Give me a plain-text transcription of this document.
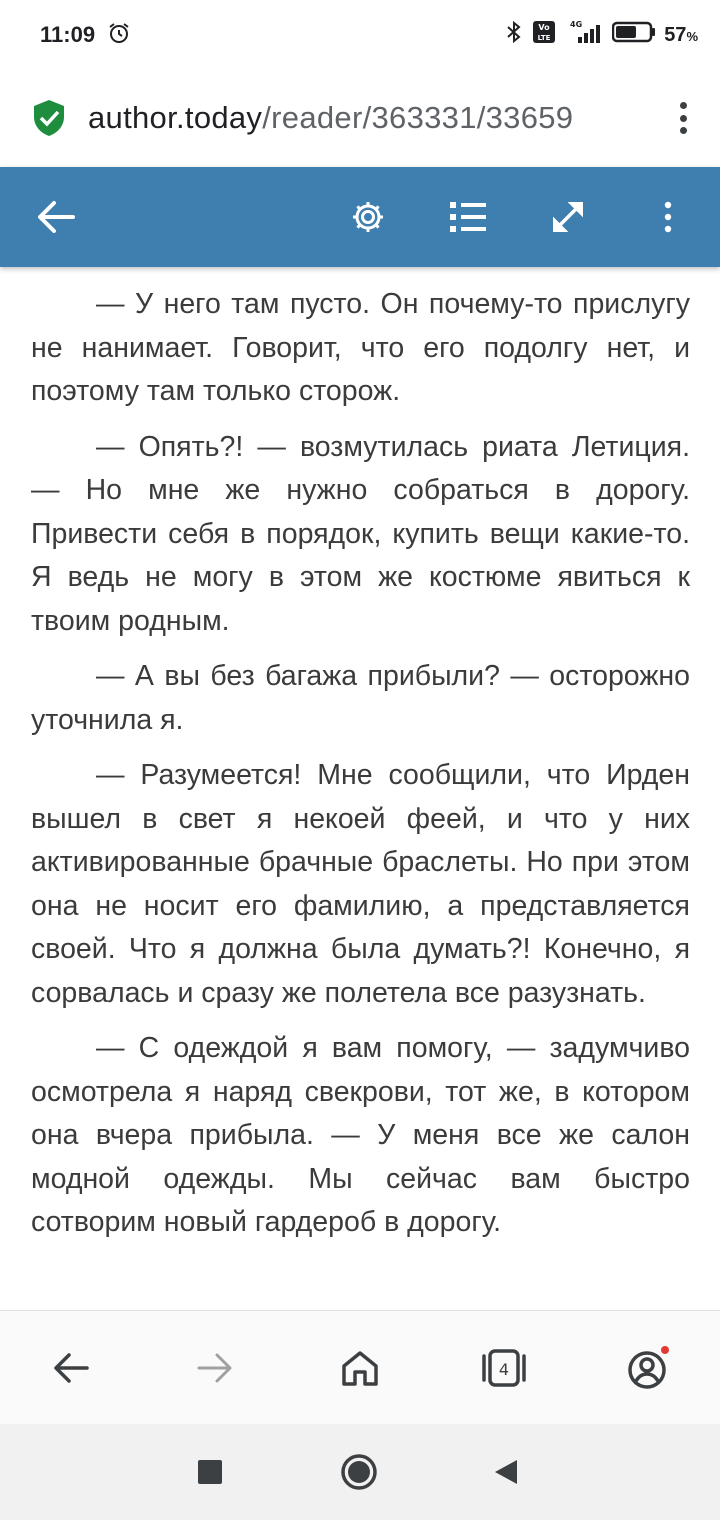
11:09	Vo
LTE
4G	57%
author.today/reader/363331/33659

— У него там пусто. Он почему-то прислугу не нанимает. Говорит, что его подолгу нет, и поэтому там только сторож.

— Опять?! — возмутилась риата Летиция. — Но мне же нужно собраться в дорогу. Привести себя в порядок, купить вещи какие-то. Я ведь не могу в этом же костюме явиться к твоим родным.

— А вы без багажа прибыли? — осторожно уточнила я.

— Разумеется! Мне сообщили, что Ирден вышел в свет я некоей феей, и что у них активированные брачные браслеты. Но при этом она не носит его фамилию, а представляется своей. Что я должна была думать?! Конечно, я сорвалась и сразу же полетела все разузнать.

— С одеждой я вам помогу, — задумчиво осмотрела я наряд свекрови, тот же, в котором она вчера прибыла. — У меня все же салон модной одежды. Мы сейчас вам быстро сотворим новый гардероб в дорогу.

4
